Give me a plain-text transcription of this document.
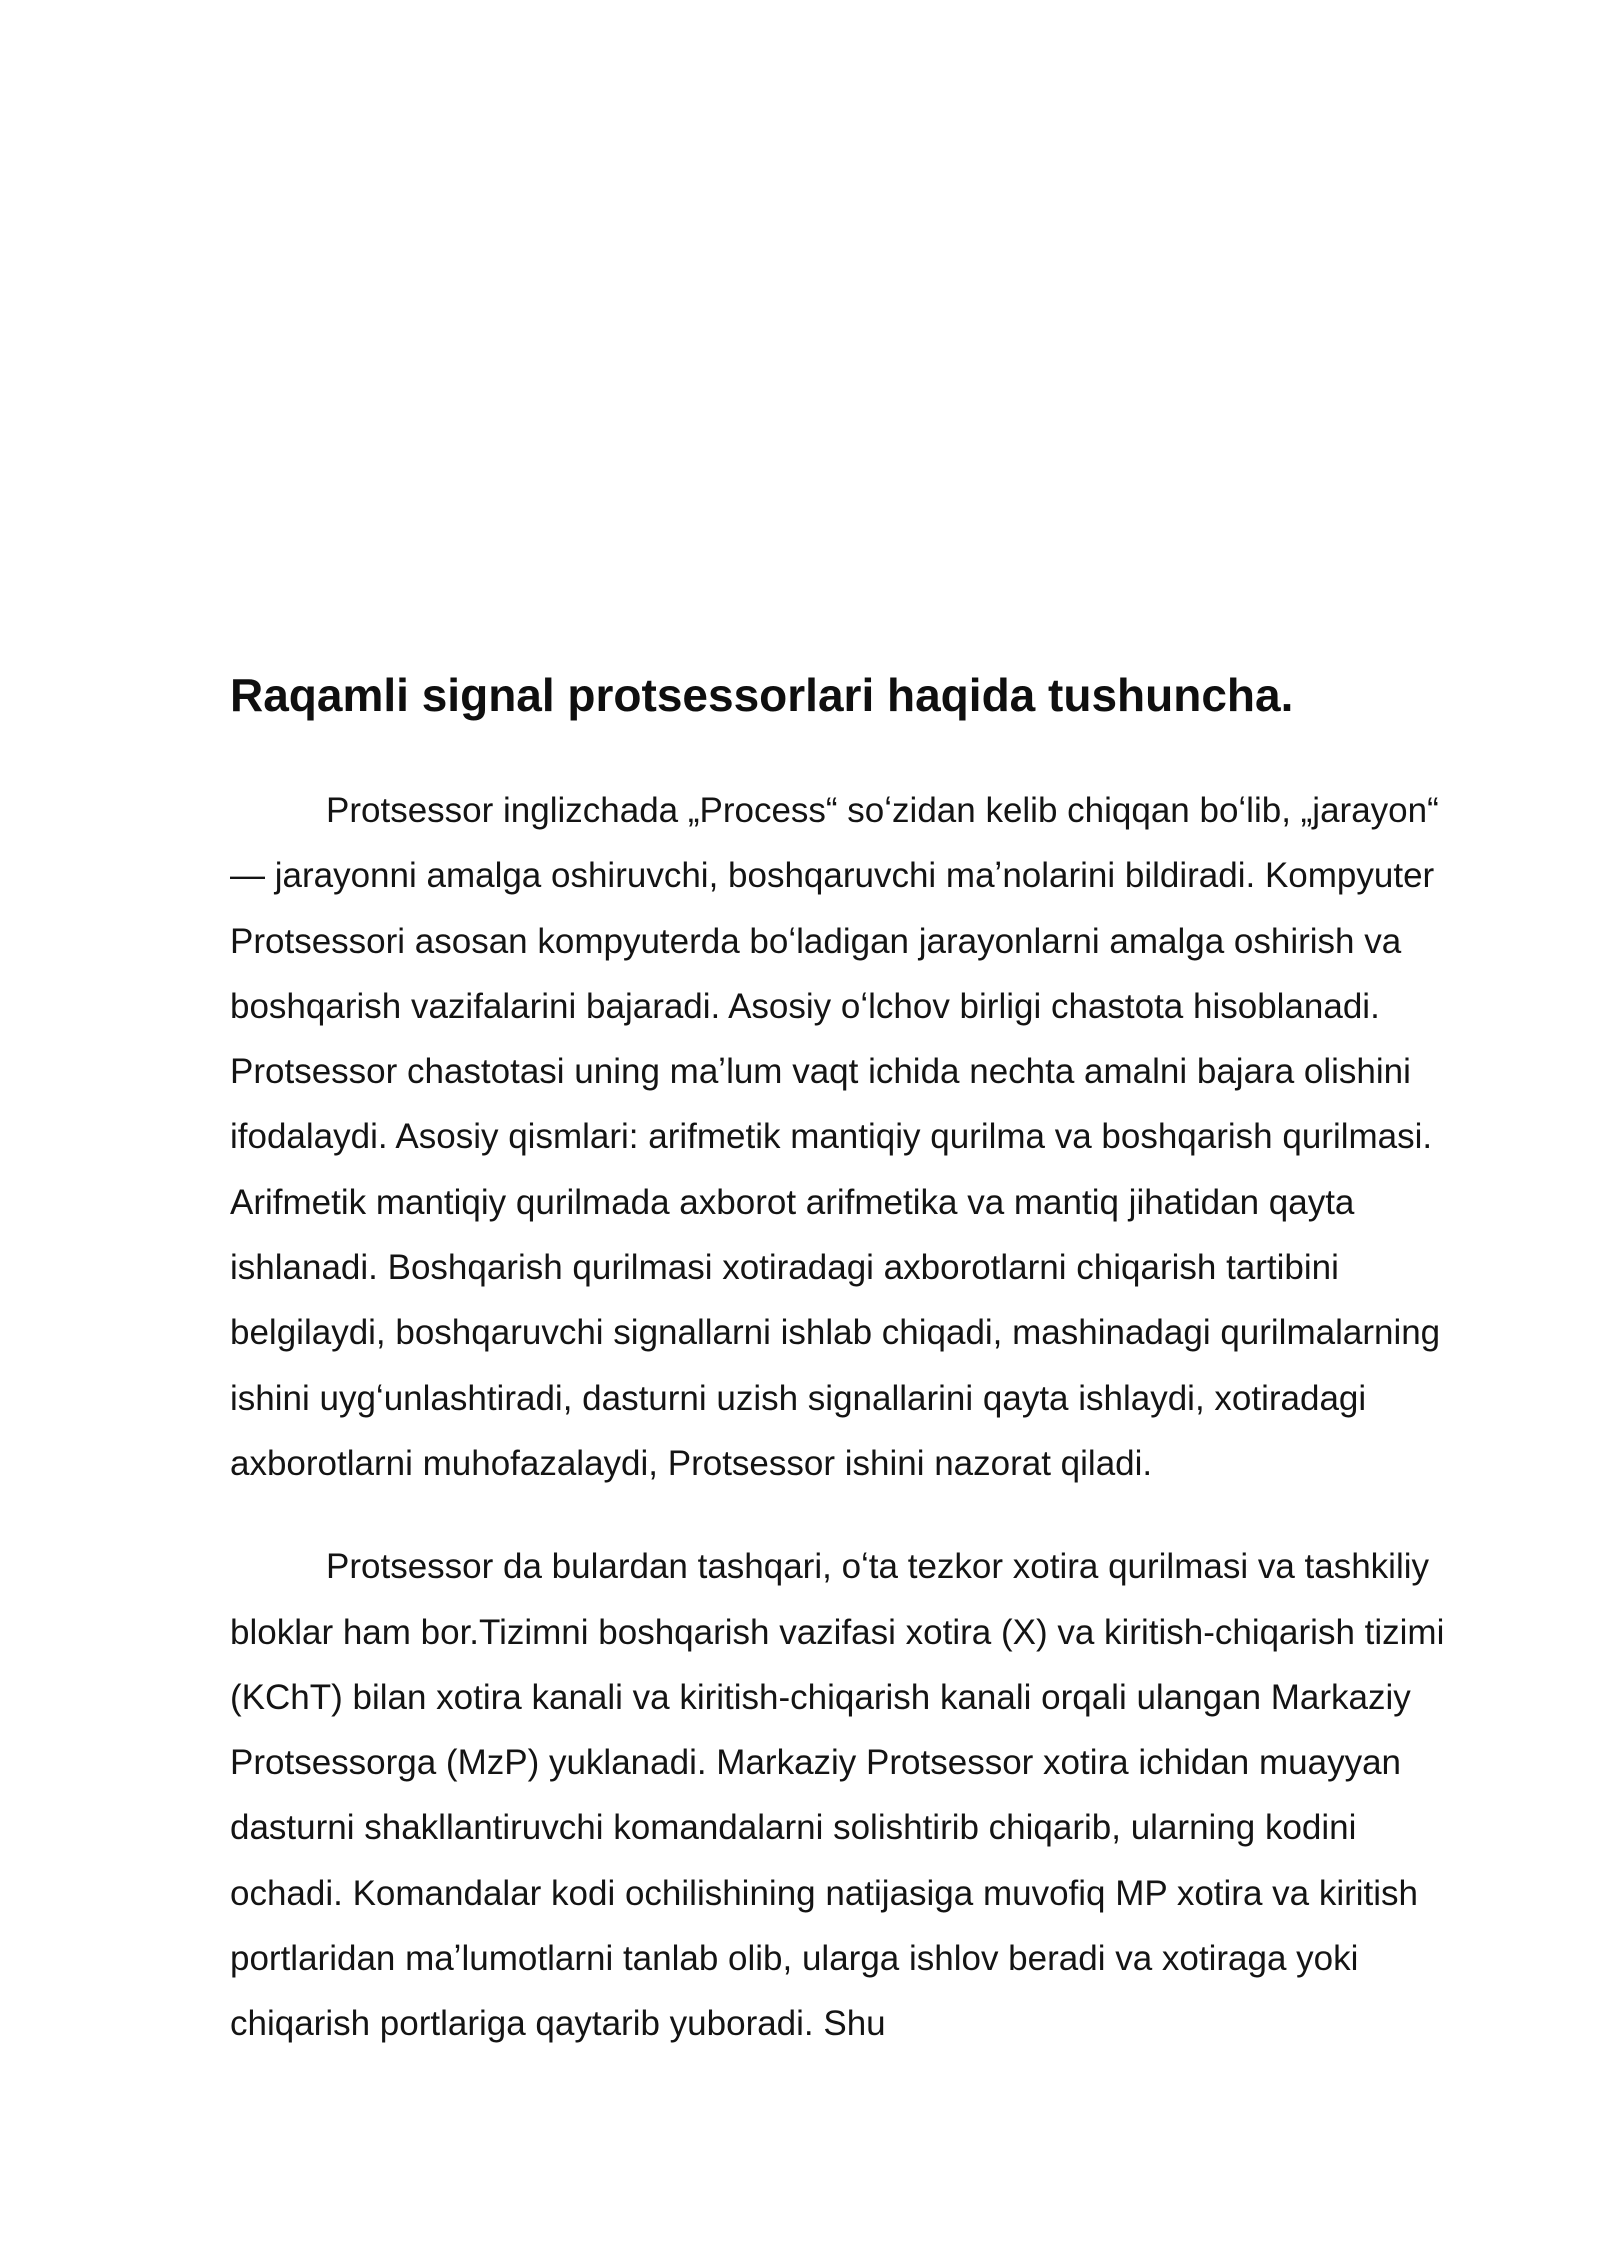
Raqamli signal protsessorlari haqida tushuncha.

Protsessor inglizchada „Process“ soʻzidan kelib chiqqan boʻlib, „jarayon“ — jarayonni amalga oshiruvchi, boshqaruvchi maʼnolarini bildiradi. Kompyuter Protsessori asosan kompyuterda boʻladigan jarayonlarni amalga oshirish va boshqarish vazifalarini bajaradi. Asosiy oʻlchov birligi chastota hisoblanadi. Protsessor chastotasi uning maʼlum vaqt ichida nechta amalni bajara olishini ifodalaydi. Asosiy qismlari: arifmetik mantiqiy qurilma va boshqarish qurilmasi. Arifmetik mantiqiy qurilmada axborot arifmetika va mantiq jihatidan qayta ishlanadi. Boshqarish qurilmasi xotiradagi axborotlarni chiqarish tartibini belgilaydi, boshqaruvchi signallarni ishlab chiqadi, mashinadagi qurilmalarning ishini uygʻunlashtiradi, dasturni uzish signallarini qayta ishlaydi, xotiradagi axborotlarni muhofazalaydi, Protsessor ishini nazorat qiladi.

Protsessor da bulardan tashqari, oʻta tezkor xotira qurilmasi va tashkiliy bloklar ham bor.Tizimni boshqarish vazifasi xotira (X) va kiritish-chiqarish tizimi (KChT) bilan xotira kanali va kiritish-chiqarish kanali orqali ulangan Markaziy Protsessorga (MzP) yuklanadi. Markaziy Protsessor xotira ichidan muayyan dasturni shakllantiruvchi komandalarni solishtirib chiqarib, ularning kodini ochadi. Komandalar kodi ochilishining natijasiga muvofiq MP xotira va kiritish portlaridan maʼlumotlarni tanlab olib, ularga ishlov beradi va xotiraga yoki chiqarish portlariga qaytarib yuboradi. Shu
